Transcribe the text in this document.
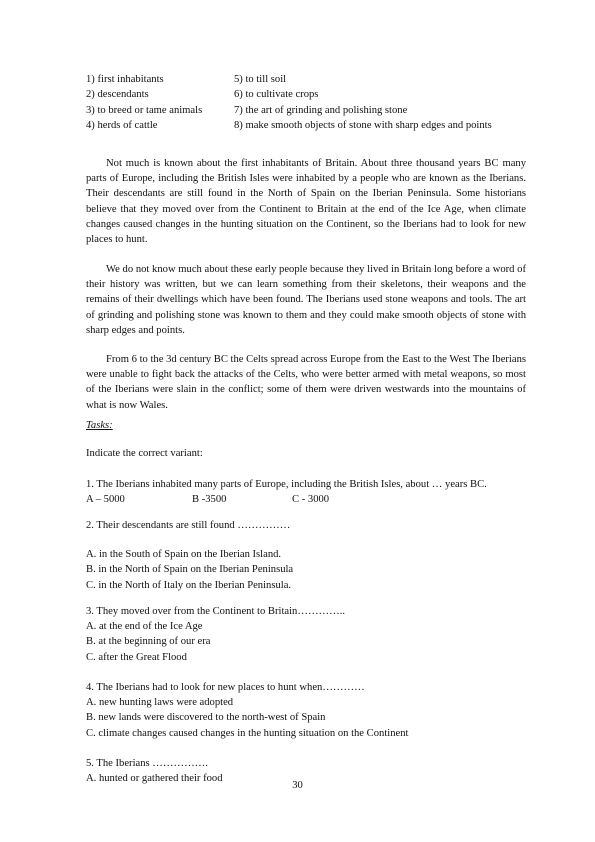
1) first inhabitants	5) to till soil
2) descendants	6) to cultivate crops
3) to breed or tame animals	7) the art of grinding and polishing stone
4) herds of cattle	8) make smooth objects of stone with sharp edges and points

Not much is known about the first inhabitants of Britain. About three thousand years BC many parts of Europe, including the British Isles were inhabited by a people who are known as the Iberians. Their descendants are still found in the North of Spain on the Iberian Peninsula. Some historians believe that they moved over from the Continent to Britain at the end of the Ice Age, when climate changes caused changes in the hunting situation on the Continent, so the Iberians had to look for new places to hunt.

We do not know much about these early people because they lived in Britain long before a word of their history was written, but we can learn something from their skeletons, their weapons and the remains of their dwellings which have been found. The Iberians used stone weapons and tools. The art of grinding and polishing stone was known to them and they could make smooth objects of stone with sharp edges and points.

From 6 to the 3d century BC the Celts spread across Europe from the East to the West The Iberians were unable to fight back the attacks of the Celts, who were better armed with metal weapons, so most of the Iberians were slain in the conflict; some of them were driven westwards into the mountains of what is now Wales.

Tasks:
Indicate the correct variant:
1. The Iberians inhabited many parts of Europe, including the British Isles, about … years BC.
A – 5000	B -3500	C - 3000
2. Their descendants are still found ……………
A. in the South of Spain on the Iberian Island.
B. in the North of Spain on the Iberian Peninsula
C. in the North of Italy on the Iberian Peninsula.
3. They moved over from the Continent to Britain…………..
A. at the end of the Ice Age
B. at the beginning of our era
C. after the Great Flood
4. The Iberians had to look for new places to hunt when…………
A. new hunting laws were adopted
B. new lands were discovered to the north-west of Spain
C. climate changes caused changes in the hunting situation on the Continent
5. The Iberians …………….
A. hunted or gathered their food
30
